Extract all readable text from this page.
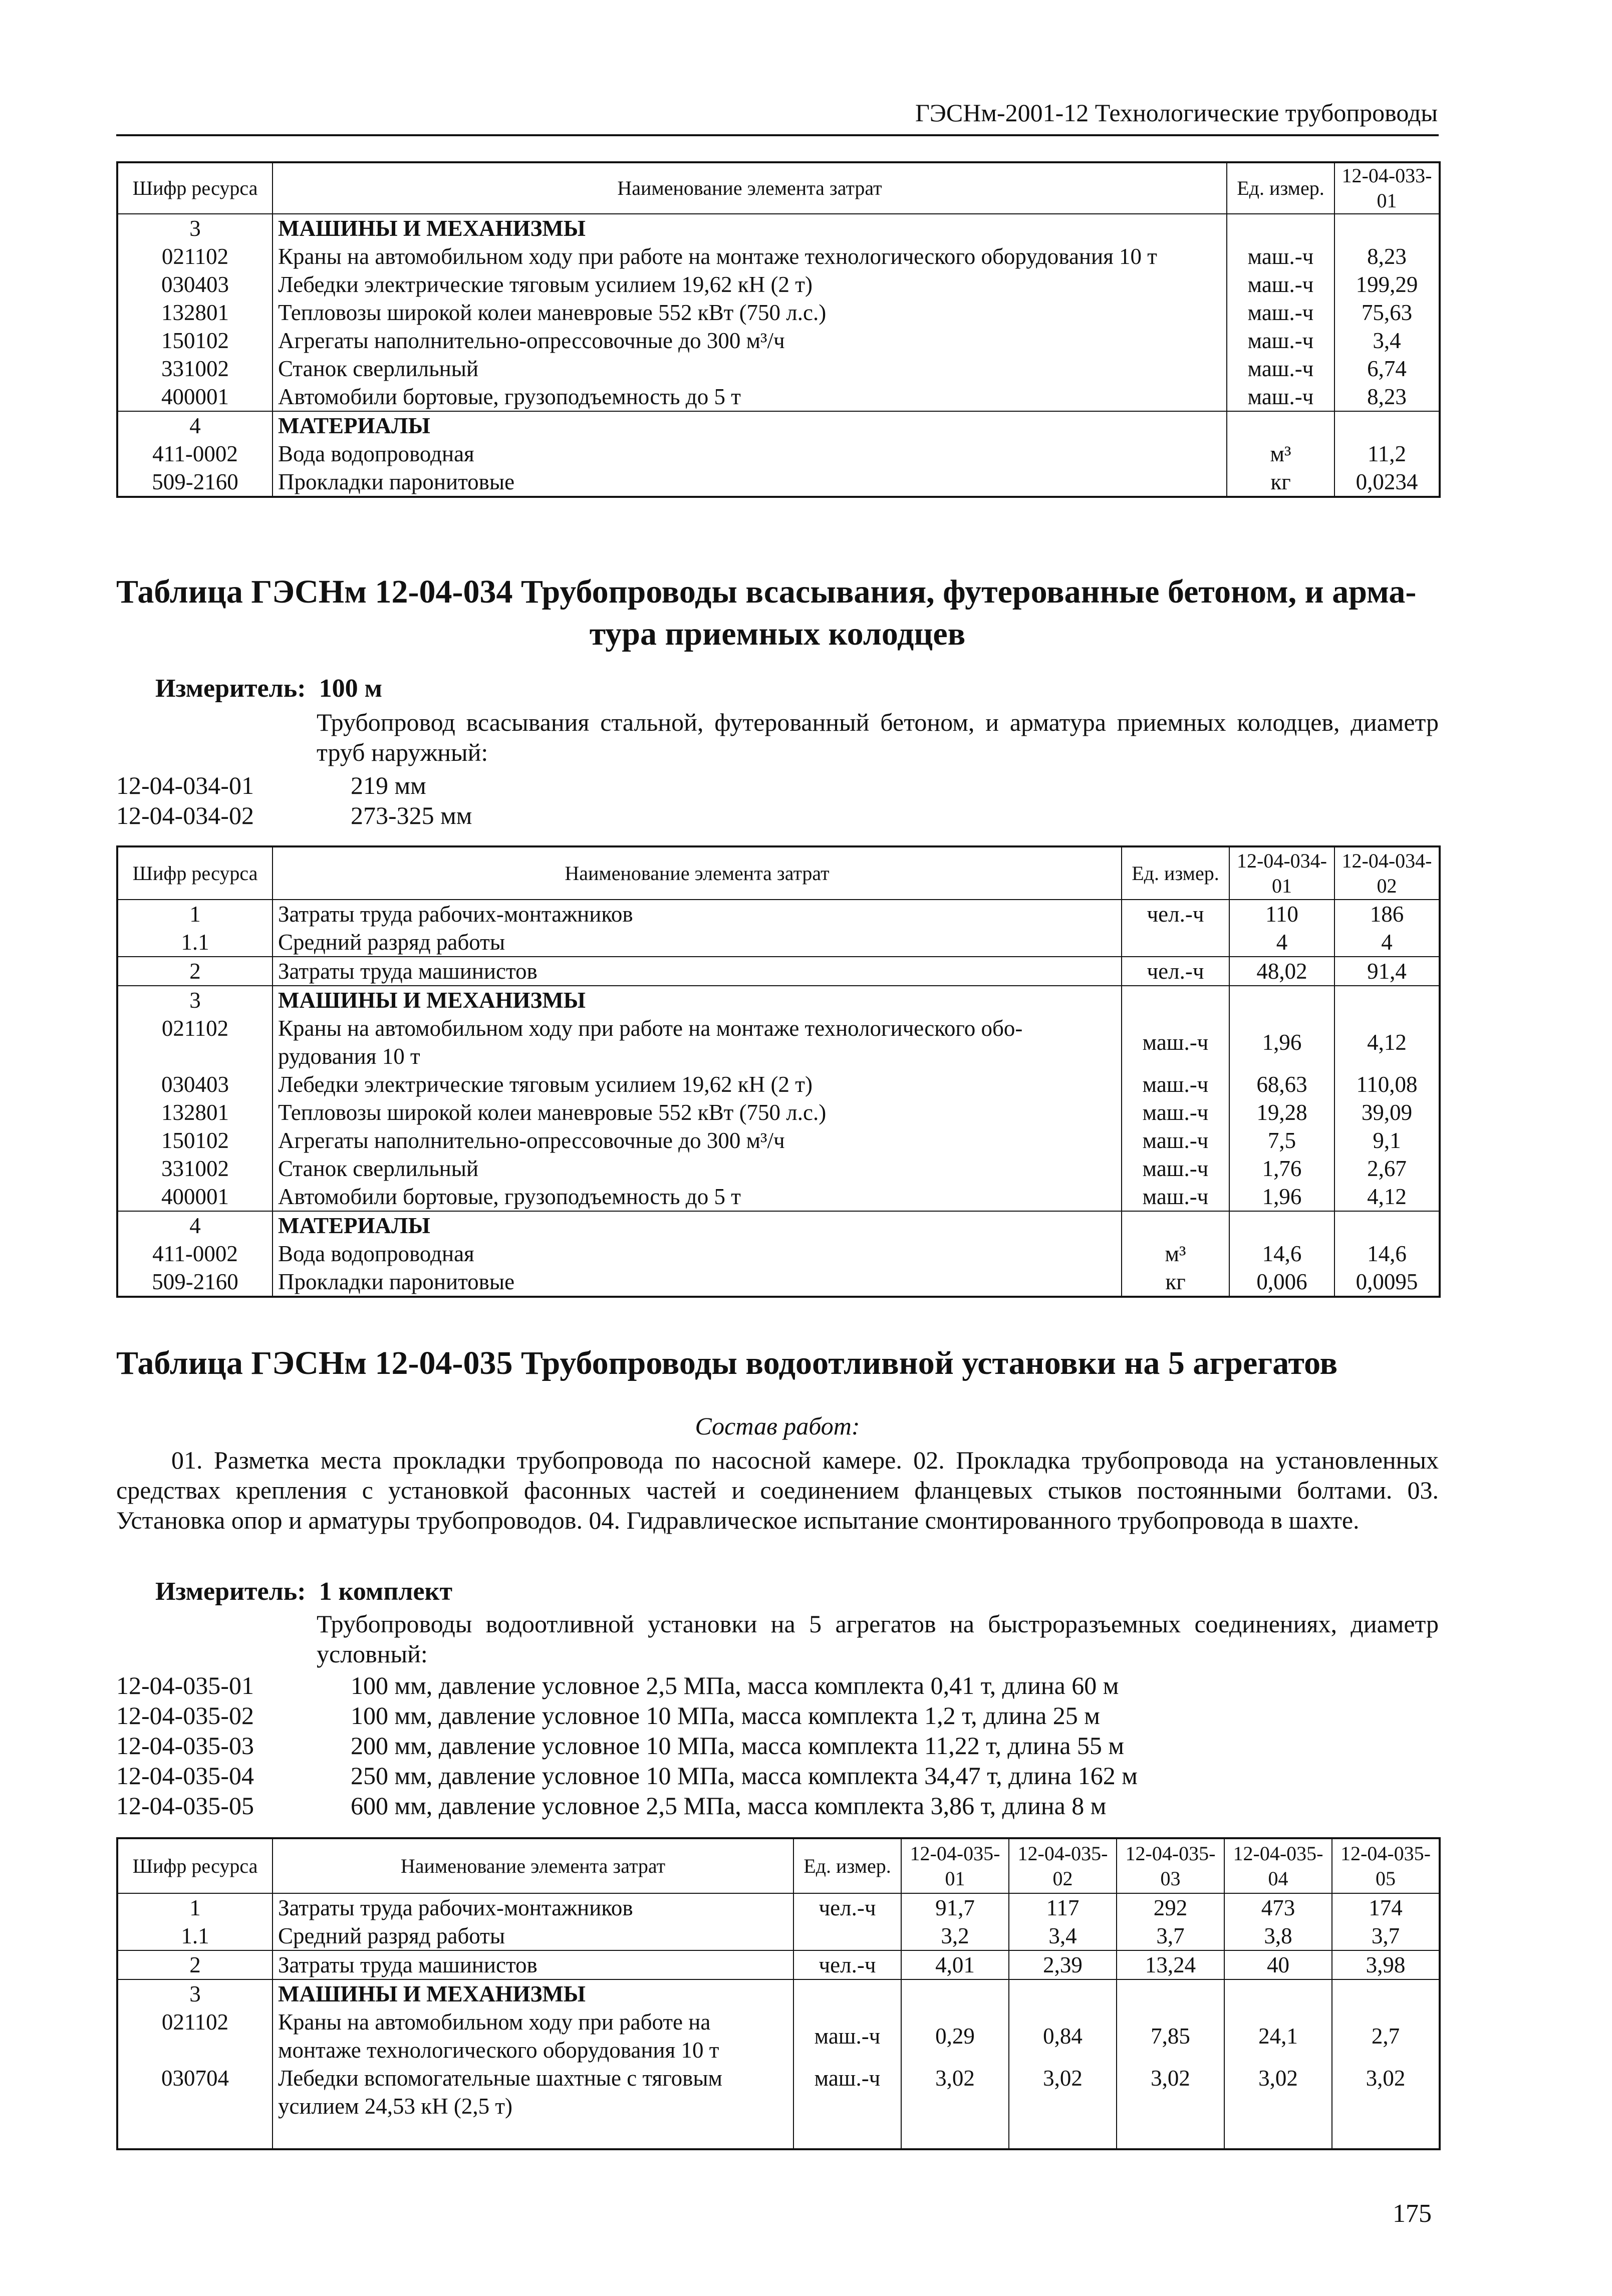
ГЭСНм-2001-12 Технологические трубопроводы
Шифр ресурса	Наименование элемента затрат	Ед. измер.	12-04-033-01
3	МАШИНЫ И МЕХАНИЗМЫ		
021102	Краны на автомобильном ходу при работе на монтаже технологического оборудования 10 т	маш.-ч	8,23
030403	Лебедки электрические тяговым усилием 19,62 кН (2 т)	маш.-ч	199,29
132801	Тепловозы широкой колеи маневровые 552 кВт (750 л.с.)	маш.-ч	75,63
150102	Агрегаты наполнительно-опрессовочные до 300 м³/ч	маш.-ч	3,4
331002	Станок сверлильный	маш.-ч	6,74
400001	Автомобили бортовые, грузоподъемность до 5 т	маш.-ч	8,23
4	МАТЕРИАЛЫ		
411-0002	Вода водопроводная	м³	11,2
509-2160	Прокладки паронитовые	кг	0,0234
Таблица ГЭСНм 12-04-034 Трубопроводы всасывания, футерованные бетоном, и арма-
тура приемных колодцев
Измеритель: 100 м
Трубопровод всасывания стальной, футерованный бетоном, и арматура приемных колодцев, диаметр труб наружный:
12-04-034-01	219 мм
12-04-034-02	273-325 мм
Шифр ресурса	Наименование элемента затрат	Ед. измер.	12-04-034-01	12-04-034-02
1	Затраты труда рабочих-монтажников	чел.-ч	110	186
1.1	Средний разряд работы		4	4
2	Затраты труда машинистов	чел.-ч	48,02	91,4
3	МАШИНЫ И МЕХАНИЗМЫ			
021102	Краны на автомобильном ходу при работе на монтаже технологического обо-рудования 10 т	маш.-ч	1,96	4,12
030403	Лебедки электрические тяговым усилием 19,62 кН (2 т)	маш.-ч	68,63	110,08
132801	Тепловозы широкой колеи маневровые 552 кВт (750 л.с.)	маш.-ч	19,28	39,09
150102	Агрегаты наполнительно-опрессовочные до 300 м³/ч	маш.-ч	7,5	9,1
331002	Станок сверлильный	маш.-ч	1,76	2,67
400001	Автомобили бортовые, грузоподъемность до 5 т	маш.-ч	1,96	4,12
4	МАТЕРИАЛЫ			
411-0002	Вода водопроводная	м³	14,6	14,6
509-2160	Прокладки паронитовые	кг	0,006	0,0095
Таблица ГЭСНм 12-04-035 Трубопроводы водоотливной установки на 5 агрегатов
Состав работ:
01. Разметка места прокладки трубопровода по насосной камере. 02. Прокладка трубопровода на установленных средствах крепления с установкой фасонных частей и соединением фланцевых стыков постоянными болтами. 03. Установка опор и арматуры трубопроводов. 04. Гидравлическое испытание смонтированного трубопровода в шахте.
Измеритель: 1 комплект
Трубопроводы водоотливной установки на 5 агрегатов на быстроразъемных соединениях, диаметр условный:
12-04-035-01	100 мм, давление условное 2,5 МПа, масса комплекта 0,41 т, длина 60 м
12-04-035-02	100 мм, давление условное 10 МПа, масса комплекта 1,2 т, длина 25 м
12-04-035-03	200 мм, давление условное 10 МПа, масса комплекта 11,22 т, длина 55 м
12-04-035-04	250 мм, давление условное 10 МПа, масса комплекта 34,47 т, длина 162 м
12-04-035-05	600 мм, давление условное 2,5 МПа, масса комплекта 3,86 т, длина 8 м
Шифр ресурса	Наименование элемента затрат	Ед. измер.	12-04-035-01	12-04-035-02	12-04-035-03	12-04-035-04	12-04-035-05
1	Затраты труда рабочих-монтажников	чел.-ч	91,7	117	292	473	174
1.1	Средний разряд работы		3,2	3,4	3,7	3,8	3,7
2	Затраты труда машинистов	чел.-ч	4,01	2,39	13,24	40	3,98
3	МАШИНЫ И МЕХАНИЗМЫ						
021102	Краны на автомобильном ходу при работе на монтаже технологического оборудования 10 т	маш.-ч	0,29	0,84	7,85	24,1	2,7
030704	Лебедки вспомогательные шахтные с тяговым усилием 24,53 кН (2,5 т)	маш.-ч	3,02	3,02	3,02	3,02	3,02
175
